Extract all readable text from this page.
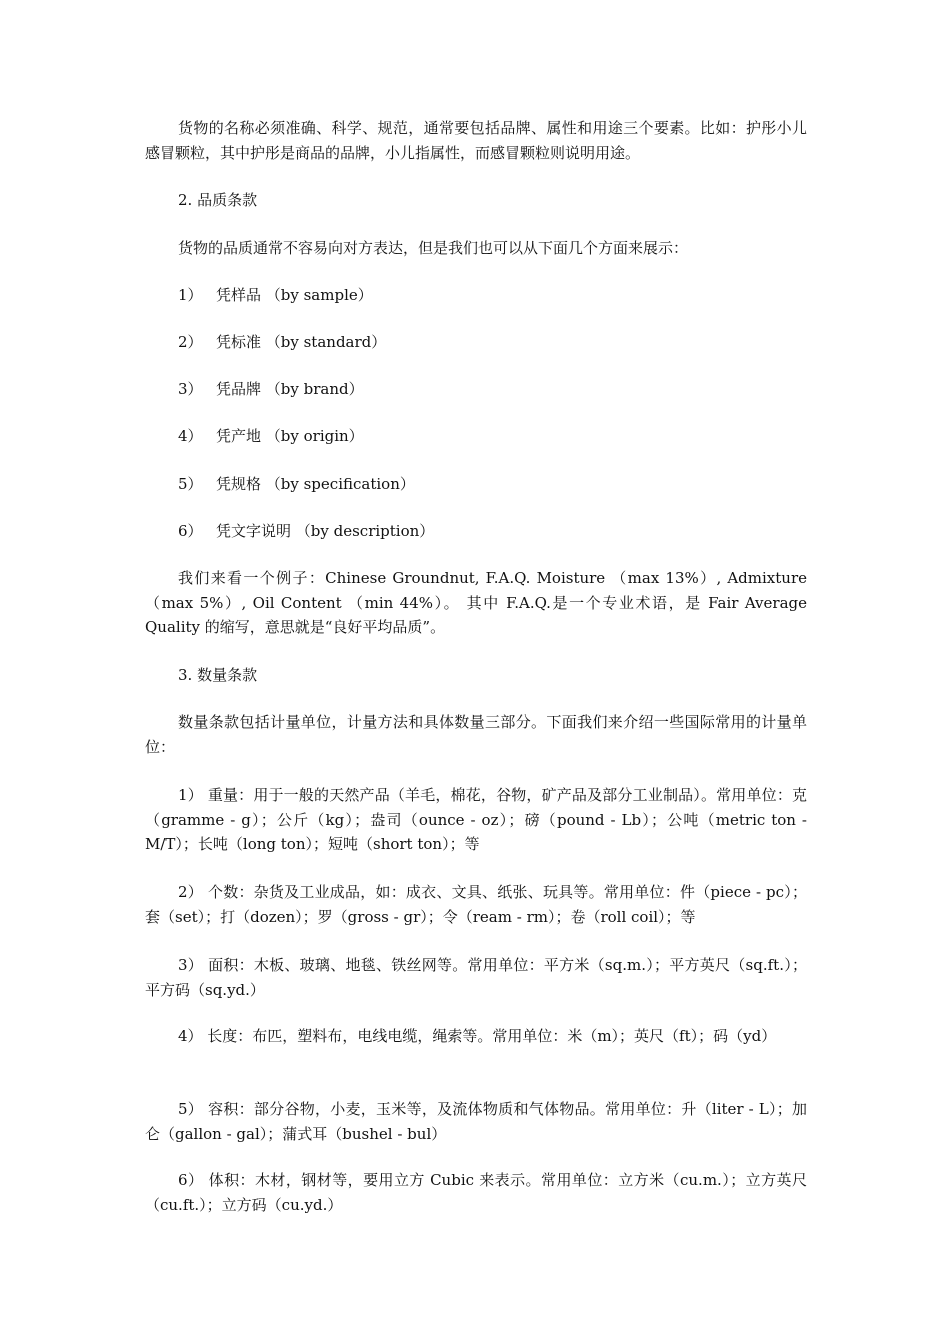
货物的名称必须准确、科学、规范，通常要包括品牌、属性和用途三个要素。比如：护彤小儿感冒颗粒，其中护彤是商品的品牌，小儿指属性，而感冒颗粒则说明用途。

2. 品质条款

货物的品质通常不容易向对方表达，但是我们也可以从下面几个方面来展示：

1） 凭样品 （by sample）

2） 凭标准 （by standard）

3） 凭品牌 （by brand）

4） 凭产地 （by origin）

5） 凭规格 （by specification）

6） 凭文字说明 （by description）

我们来看一个例子：Chinese Groundnut, F.A.Q. Moisture （max 13%）, Admixture （max 5%）, Oil Content （min 44%）。 其中 F.A.Q.是一个专业术语，是 Fair Average Quality 的缩写，意思就是“良好平均品质”。

3. 数量条款

数量条款包括计量单位，计量方法和具体数量三部分。下面我们来介绍一些国际常用的计量单位：

1） 重量：用于一般的天然产品（羊毛，棉花，谷物，矿产品及部分工业制品）。常用单位：克（gramme - g）；公斤（kg）；盎司（ounce - oz）；磅（pound - Lb）；公吨（metric ton - M/T）；长吨（long ton）；短吨（short ton）；等

2） 个数：杂货及工业成品，如：成衣、文具、纸张、玩具等。常用单位：件（piece - pc）；套（set）；打（dozen）；罗（gross - gr）；令（ream - rm）；卷（roll coil）；等

3） 面积：木板、玻璃、地毯、铁丝网等。常用单位：平方米（sq.m.）；平方英尺（sq.ft.）；平方码（sq.yd.）

4） 长度：布匹，塑料布，电线电缆，绳索等。常用单位：米（m）；英尺（ft）；码（yd）

5） 容积：部分谷物，小麦，玉米等，及流体物质和气体物品。常用单位：升（liter - L）；加仑（gallon - gal）；蒲式耳（bushel - bul）

6） 体积：木材，钢材等，要用立方 Cubic 来表示。常用单位：立方米（cu.m.）；立方英尺（cu.ft.）；立方码（cu.yd.）
